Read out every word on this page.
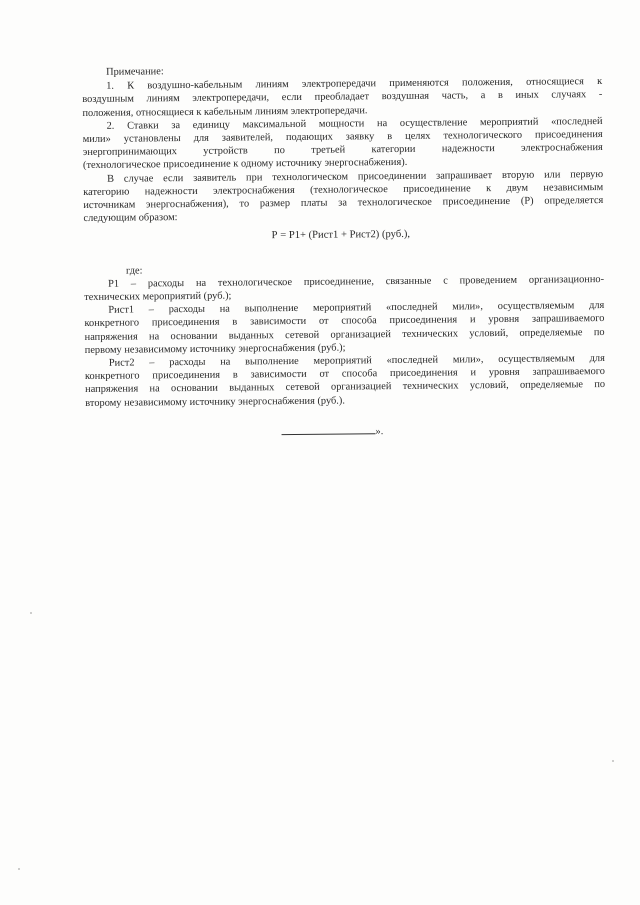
Примечание:
1. К воздушно-кабельным линиям электропередачи применяются положения, относящиеся к
воздушным линиям электропередачи, если преобладает воздушная часть, а в иных случаях -
положения, относящиеся к кабельным линиям электропередачи.
2. Ставки за единицу максимальной мощности на осуществление мероприятий «последней
мили» установлены для заявителей, подающих заявку в целях технологического присоединения
энергопринимающих устройств по третьей категории надежности электроснабжения
(технологическое присоединение к одному источнику энергоснабжения).
В случае если заявитель при технологическом присоединении запрашивает вторую или первую
категорию надежности электроснабжения (технологическое присоединение к двум независимым
источникам энергоснабжения), то размер платы за технологическое присоединение (Р) определяется
следующим образом:
Р = Р1+ (Рист1 + Рист2) (руб.),
где:
Р1 – расходы на технологическое присоединение, связанные с проведением организационно-
технических мероприятий (руб.);
Рист1 – расходы на выполнение мероприятий «последней мили», осуществляемым для
конкретного присоединения в зависимости от способа присоединения и уровня запрашиваемого
напряжения на основании выданных сетевой организацией технических условий, определяемые по
первому независимому источнику энергоснабжения (руб.);
Рист2 – расходы на выполнение мероприятий «последней мили», осуществляемым для
конкретного присоединения в зависимости от способа присоединения и уровня запрашиваемого
напряжения на основании выданных сетевой организацией технических условий, определяемые по
второму независимому источнику энергоснабжения (руб.).
».
